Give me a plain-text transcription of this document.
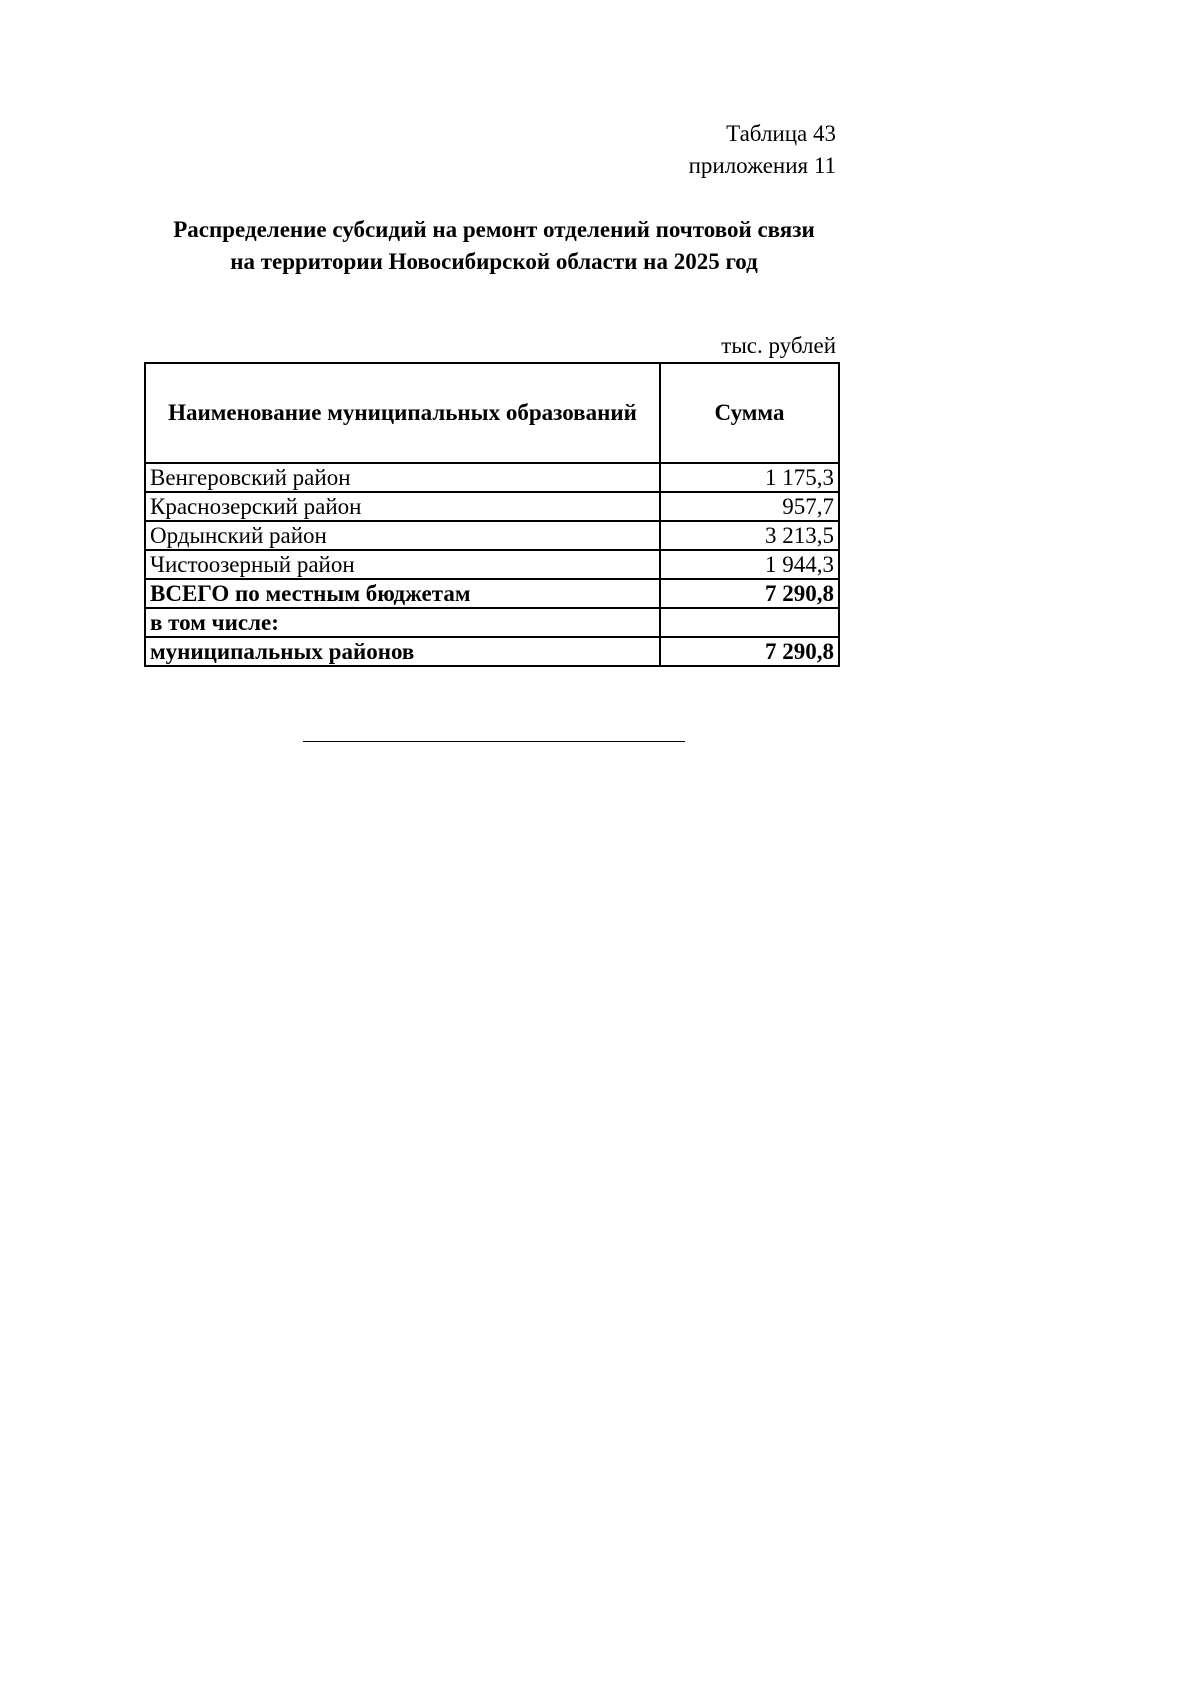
Таблица 43
приложения 11
Распределение субсидий на ремонт отделений почтовой связи
на территории Новосибирской области на 2025 год
тыс. рублей
Наименование муниципальных образований	Сумма
Венгеровский район	1 175,3
Краснозерский район	957,7
Ордынский район	3 213,5
Чистоозерный район	1 944,3
ВСЕГО по местным бюджетам	7 290,8
в том числе:	
муниципальных районов	7 290,8
